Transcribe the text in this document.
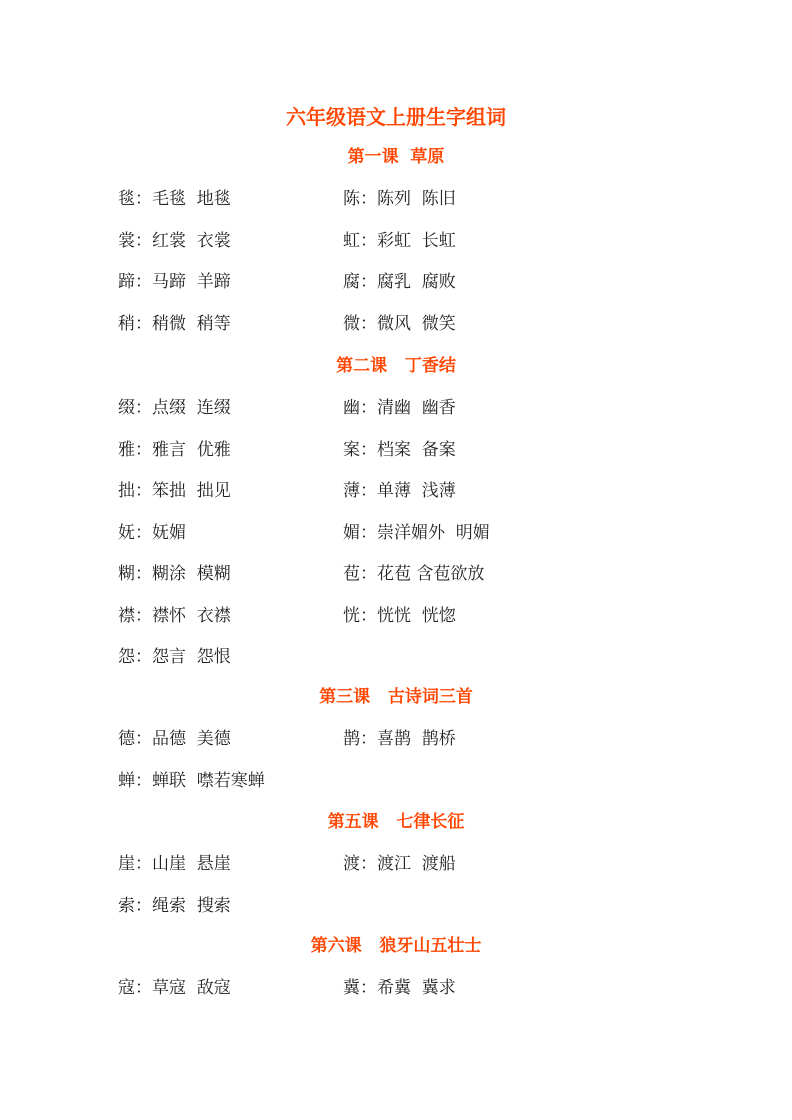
六年级语文上册生字组词
第一课  草原
毯：毛毯  地毯	陈：陈列  陈旧
裳：红裳  衣裳	虹：彩虹  长虹
蹄：马蹄  羊蹄	腐：腐乳  腐败
稍：稍微  稍等	微：微风  微笑
第二课   丁香结
缀：点缀  连缀	幽：清幽  幽香
雅：雅言  优雅	案：档案  备案
拙：笨拙  拙见	薄：单薄  浅薄
妩：妩媚	媚：崇洋媚外  明媚
糊：糊涂  模糊	苞：花苞 含苞欲放
襟：襟怀  衣襟	恍：恍恍  恍惚
怨：怨言  怨恨
第三课   古诗词三首
德：品德  美德	鹊：喜鹊  鹊桥
蝉：蝉联  噤若寒蝉
第五课   七律长征
崖：山崖  悬崖	渡：渡江  渡船
索：绳索  搜索
第六课   狼牙山五壮士
寇：草寇  敌寇	冀：希冀  冀求
